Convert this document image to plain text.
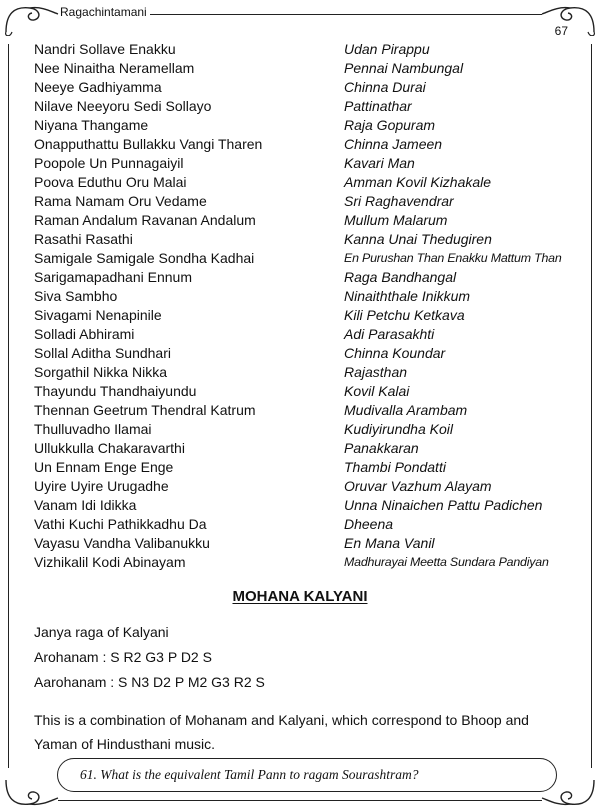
Ragachintamani
67
Nandri Sollave Enakku	Udan Pirappu
Nee Ninaitha Neramellam	Pennai Nambungal
Neeye Gadhiyamma	Chinna Durai
Nilave Neeyoru Sedi Sollayo	Pattinathar
Niyana Thangame	Raja Gopuram
Onapputhattu Bullakku Vangi Tharen	Chinna Jameen
Poopole Un Punnagaiyil	Kavari Man
Poova Eduthu Oru Malai	Amman Kovil Kizhakale
Rama Namam Oru Vedame	Sri Raghavendrar
Raman Andalum Ravanan Andalum	Mullum Malarum
Rasathi Rasathi	Kanna Unai Thedugiren
Samigale Samigale Sondha Kadhai	En Purushan Than Enakku Mattum Than
Sarigamapadhani Ennum	Raga Bandhangal
Siva Sambho	Ninaiththale Inikkum
Sivagami Nenapinile	Kili Petchu Ketkava
Solladi Abhirami	Adi Parasakhti
Sollal Aditha Sundhari	Chinna Koundar
Sorgathil Nikka Nikka	Rajasthan
Thayundu Thandhaiyundu	Kovil Kalai
Thennan Geetrum Thendral Katrum	Mudivalla Arambam
Thulluvadho Ilamai	Kudiyirundha Koil
Ullukkulla Chakaravarthi	Panakkaran
Un Ennam Enge Enge	Thambi Pondatti
Uyire Uyire Urugadhe	Oruvar Vazhum Alayam
Vanam Idi Idikka	Unna Ninaichen Pattu Padichen
Vathi Kuchi Pathikkadhu Da	Dheena
Vayasu Vandha Valibanukku	En Mana Vanil
Vizhikalil Kodi Abinayam	Madhurayai Meetta Sundara Pandiyan
MOHANA KALYANI
Janya raga of Kalyani
Arohanam : S R2 G3 P D2 S
Aarohanam : S N3 D2 P M2 G3 R2 S
This is a combination of Mohanam and Kalyani, which correspond to Bhoop and Yaman of Hindusthani music.
61. What is the equivalent Tamil Pann to ragam Sourashtram?
